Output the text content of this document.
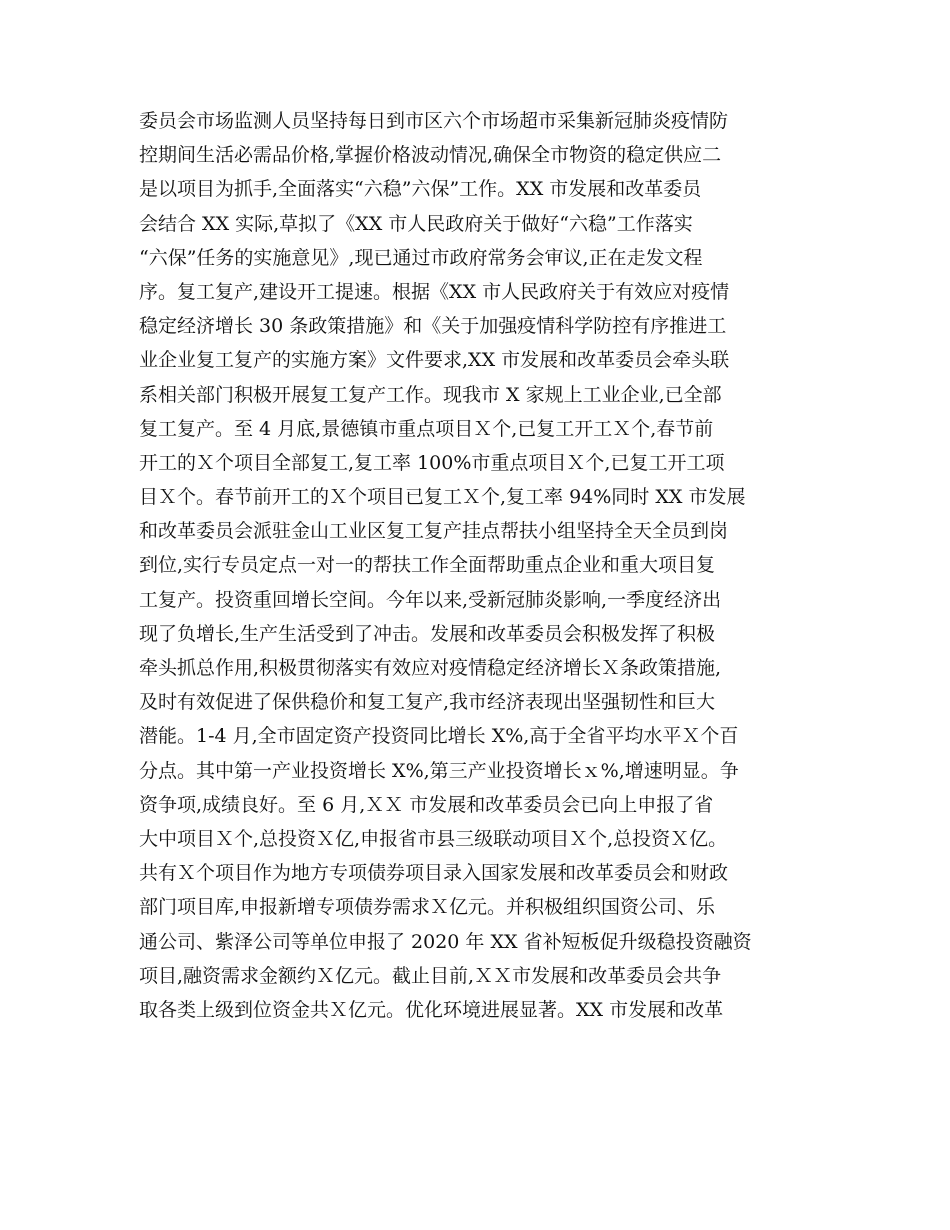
委员会市场监测人员坚持每日到市区六个市场超市采集新冠肺炎疫情防
控期间生活必需品价格,掌握价格波动情况,确保全市物资的稳定供应二
是以项目为抓手,全面落实“六稳”六保”工作。XX 市发展和改革委员
会结合 XX 实际,草拟了《XX 市人民政府关于做好“六稳”工作落实
“六保”任务的实施意见》,现已通过市政府常务会审议,正在走发文程
序。复工复产,建设开工提速。根据《XX 市人民政府关于有效应对疫情
稳定经济增长 30 条政策措施》和《关于加强疫情科学防控有序推进工
业企业复工复产的实施方案》文件要求,XX 市发展和改革委员会牵头联
系相关部门积极开展复工复产工作。现我市 X 家规上工业企业,已全部
复工复产。至 4 月底,景德镇市重点项目Ｘ个,已复工开工Ｘ个,春节前
开工的Ｘ个项目全部复工,复工率 100%市重点项目Ｘ个,已复工开工项
目Ｘ个。春节前开工的Ｘ个项目已复工Ｘ个,复工率 94%同时 XX 市发展
和改革委员会派驻金山工业区复工复产挂点帮扶小组坚持全天全员到岗
到位,实行专员定点一对一的帮扶工作全面帮助重点企业和重大项目复
工复产。投资重回增长空间。今年以来,受新冠肺炎影响,一季度经济出
现了负增长,生产生活受到了冲击。发展和改革委员会积极发挥了积极
牵头抓总作用,积极贯彻落实有效应对疫情稳定经济增长Ｘ条政策措施,
及时有效促进了保供稳价和复工复产,我市经济表现出坚强韧性和巨大
潜能。1-4 月,全市固定资产投资同比增长 X%,高于全省平均水平Ｘ个百
分点。其中第一产业投资增长 X%,第三产业投资增长ｘ%,增速明显。争
资争项,成绩良好。至 6 月,ＸＸ 市发展和改革委员会已向上申报了省
大中项目Ｘ个,总投资Ｘ亿,申报省市县三级联动项目Ｘ个,总投资Ｘ亿。
共有Ｘ个项目作为地方专项债券项目录入国家发展和改革委员会和财政
部门项目库,申报新增专项债券需求Ｘ亿元。并积极组织国资公司、乐
通公司、紫泽公司等单位申报了 2020 年 XX 省补短板促升级稳投资融资
项目,融资需求金额约Ｘ亿元。截止目前,ＸＸ市发展和改革委员会共争
取各类上级到位资金共Ｘ亿元。优化环境进展显著。XX 市发展和改革
